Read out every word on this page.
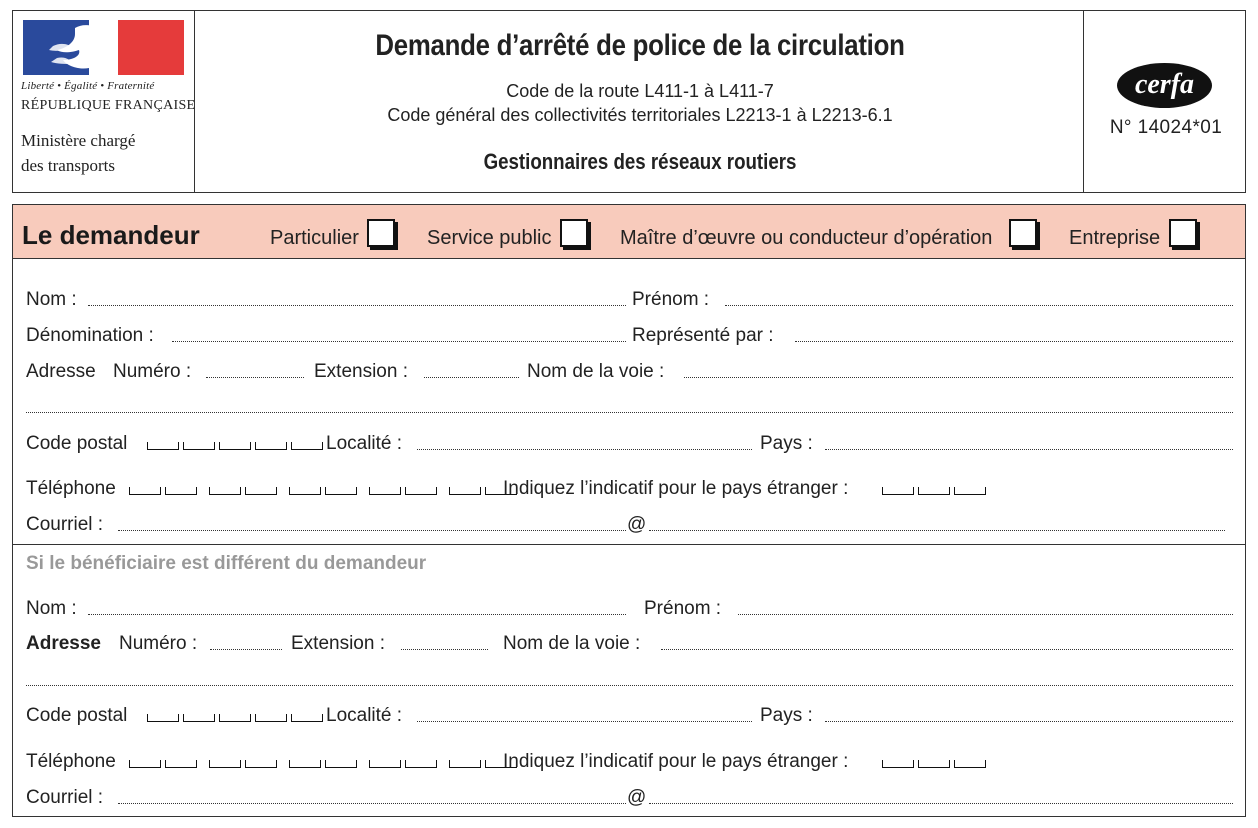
Liberté • Égalité • Fraternité
RÉPUBLIQUE FRANÇAISE
Ministère chargé
des transports
Demande d’arrêté de police de la circulation
Code de la route L411-1 à L411-7
Code général des collectivités territoriales L2213-1 à L2213-6.1
Gestionnaires des réseaux routiers
cerfa
N° 14024*01
Le demandeur	Particulier	Service public	Maître d’œuvre ou conducteur d’opération	Entreprise
Nom :	Prénom :
Dénomination :	Représenté par :
Adresse Numéro :	Extension :	Nom de la voie :
Code postal	Localité :	Pays :
Téléphone	Indiquez l’indicatif pour le pays étranger :
Courriel :	@
Si le bénéficiaire est différent du demandeur
Nom :	Prénom :
Adresse Numéro :	Extension :	Nom de la voie :
Code postal	Localité :	Pays :
Téléphone	Indiquez l’indicatif pour le pays étranger :
Courriel :	@
